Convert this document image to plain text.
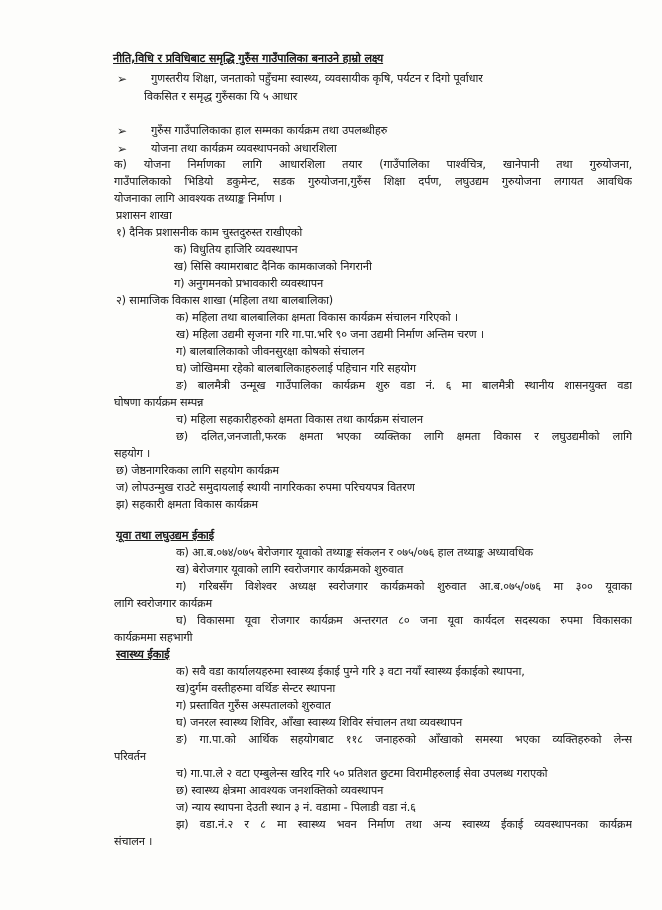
नीति,विधि र प्रविधिबाट समृद्धि गुरुँस गाउँपालिका बनाउने हाम्रो लक्ष्य
➢ गुणस्तरीय शिक्षा, जनताको पहुँचमा स्वास्थ्य, व्यवसायीक कृषि, पर्यटन र दिगो पूर्वाधार
विकसित र समृद्ध गुरुँसका यि ५ आधार
➢ गुरुँस गाउँपालिकाका हाल सम्मका कार्यक्रम तथा उपलब्धीहरु
➢ योजना तथा कार्यक्रम व्यवस्थापनको अधारशिला
क) योजना निर्माणका लागि आधारशिला तयार (गाउँपालिका पार्श्वचित्र, खानेपानी तथा गुरुयोजना,
गाउँपालिकाको भिडियो डकुमेन्ट, सडक गुरुयोजना,गुरुँस शिक्षा दर्पण, लघुउद्यम गुरुयोजना लगायत आवधिक
योजनाका लागि आवश्यक तथ्याङ्क निर्माण ।
प्रशासन शाखा
१) दैनिक प्रशासनीक काम चुस्तदुरुस्त राखीएको
क) विधुतिय हाजिरि व्यवस्थापन
ख) सिसि क्यामराबाट दैनिक कामकाजको निगरानी
ग) अनुगमनको प्रभावकारी व्यवस्थापन
२) सामाजिक विकास शाखा (महिला तथा बालबालिका)
क) महिला तथा बालबालिका क्षमता विकास कार्यक्रम संचालन गरिएको ।
ख) महिला उद्यमी सृजना गरि गा.पा.भरि ९० जना उद्यमी निर्माण अन्तिम चरण ।
ग) बालबालिकाको जीवनसुरक्षा कोषको संचालन
घ) जोखिममा रहेको बालबालिकाहरुलाई पहिचान गरि सहयोग
ङ) बालमैत्री उन्मूख गाउँपालिका कार्यक्रम शुरु वडा नं. ६ मा बालमैत्री स्थानीय शासनयुक्त वडा
घोषणा कार्यक्रम सम्पन्न
च) महिला सहकारीहरुको क्षमता विकास तथा कार्यक्रम संचालन
छ) दलित,जनजाती,फरक क्षमता भएका व्यक्तिका लागि क्षमता विकास र लघुउद्यमीको लागि
सहयोग ।
छ) जेष्ठनागरिकका लागि सहयोग कार्यक्रम
ज) लोपउन्मुख राउटे समुदायलाई स्थायी नागरिकका रुपमा परिचयपत्र वितरण
झ) सहकारी क्षमता विकास कार्यक्रम
यूवा तथा लघुउद्यम ईकाई
क) आ.ब.०७४/०७५ बेरोजगार यूवाको तथ्याङ्क संकलन र ०७५/०७६ हाल तथ्याङ्क अध्यावधिक
ख) बेरोजगार यूवाको लागि स्वरोजगार कार्यक्रमको शुरुवात
ग) गरिबसँग विशेश्वर अध्यक्ष स्वरोजगार कार्यक्रमको शुरुवात आ.ब.०७५/०७६ मा ३०० यूवाका
लागि स्वरोजगार कार्यक्रम
घ) विकासमा यूवा रोजगार कार्यक्रम अन्तरगत ८० जना यूवा कार्यदल सदस्यका रुपमा विकासका
कार्यक्रममा सहभागी
स्वास्थ्य ईकाई
क) सवै वडा कार्यालयहरुमा स्वास्थ्य ईकाई पुग्ने गरि ३ वटा नयाँ स्वास्थ्य ईकाईको स्थापना,
ख)दुर्गम वस्तीहरुमा वर्थिङ सेन्टर स्थापना
ग) प्रस्तावित गुरुँस अस्पतालको शुरुवात
घ) जनरल स्वास्थ्य शिविर, आँखा स्वास्थ्य शिविर संचालन तथा व्यवस्थापन
ङ) गा.पा.को आर्थिक सहयोगबाट ११८ जनाहरुको आँखाको समस्या भएका व्यक्तिहरुको लेन्स
परिवर्तन
च) गा.पा.ले २ वटा एम्बुलेन्स खरिद गरि ५० प्रतिशत छुटमा विरामीहरुलाई सेवा उपलब्ध गराएको
छ) स्वास्थ्य क्षेत्रमा आवश्यक जनशक्तिको व्यवस्थापन
ज) न्याय स्थापना देउती स्थान ३ नं. वडामा - पिलाडी वडा नं.६
झ) वडा.नं.२ र ८ मा स्वास्थ्य भवन निर्माण तथा अन्य स्वास्थ्य ईकाई व्यवस्थापनका कार्यक्रम
संचालन ।
